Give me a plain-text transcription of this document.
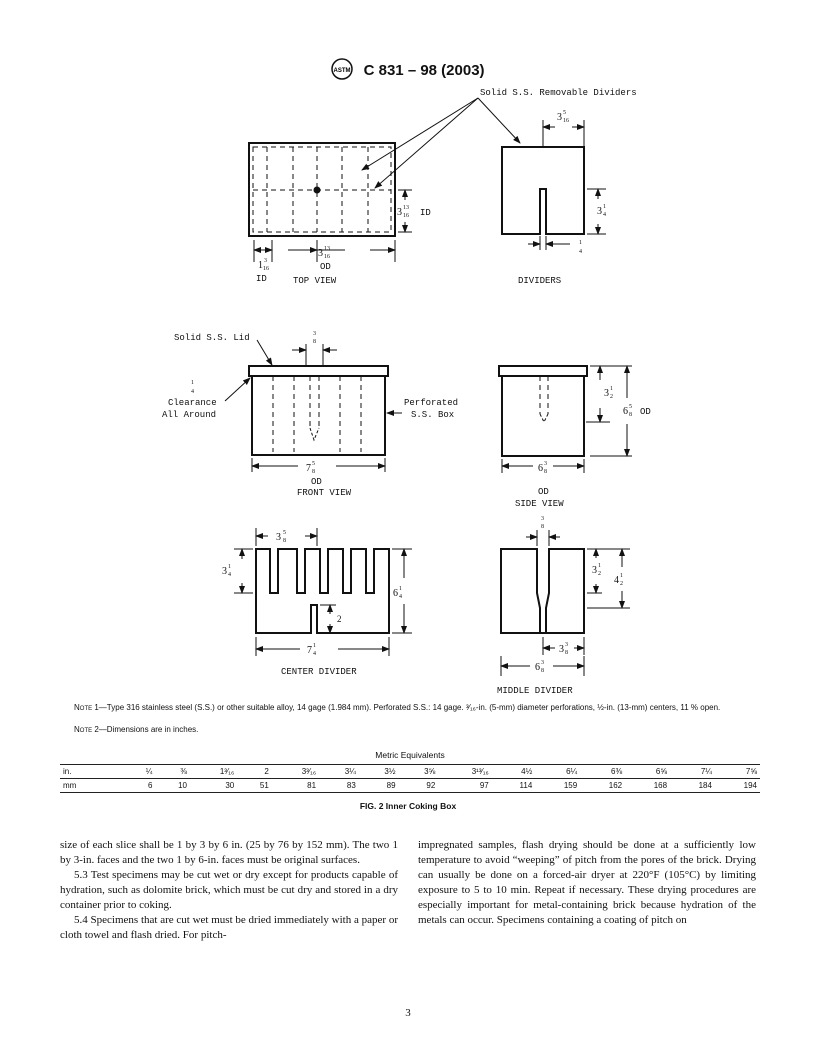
ASTM C 831 – 98 (2003)
Solid S.S. Removable Dividers
TOP VIEW	DIVIDERS
ID
ID
OD
Solid S.S. Lid
Clearance
All Around
Perforated
S.S. Box
OD
FRONT VIEW	OD
SIDE VIEW
OD
CENTER DIVIDER
MIDDLE DIVIDER
3 13
16
1 3
16
3 13
16
3 5
16
3 1
4
1
4
3
8
1
4
7 5
8
3 1
2
6 5
8
6 3
8
3 5
8
3 1
4
6 1
4
2
7 1
4
3
8
3 1
2
4 1
2
3 3
8
6 3
8
Note 1—Type 316 stainless steel (S.S.) or other suitable alloy, 14 gage (1.984 mm). Perforated S.S.: 14 gage. ³⁄₁₆-in. (5-mm) diameter perforations, ½-in. (13-mm) centers, 11 % open.
Note 2—Dimensions are in inches.
Metric Equivalents
in.	¼	⅜	1³⁄₁₆	2	3³⁄₁₆	3¼	3½	3⅝	3¹³⁄₁₆	4½	6¼	6⅜	6⅝	7¼	7⅝
mm	6	10	30	51	81	83	89	92	97	114	159	162	168	184	194
FIG. 2 Inner Coking Box

size of each slice shall be 1 by 3 by 6 in. (25 by 76 by 152 mm). The two 1 by 3-in. faces and the two 1 by 6-in. faces must be original surfaces.

5.3 Test specimens may be cut wet or dry except for products capable of hydration, such as dolomite brick, which must be cut dry and stored in a dry container prior to coking.

5.4 Specimens that are cut wet must be dried immediately with a paper or cloth towel and flash dried. For pitch-

impregnated samples, flash drying should be done at a sufficiently low temperature to avoid “weeping” of pitch from the pores of the brick. Drying can usually be done on a forced-air dryer at 220°F (105°C) by limiting exposure to 5 to 10 min. Repeat if necessary. These drying procedures are especially important for metal-containing brick because hydration of the metals can occur. Specimens containing a coating of pitch on

3
